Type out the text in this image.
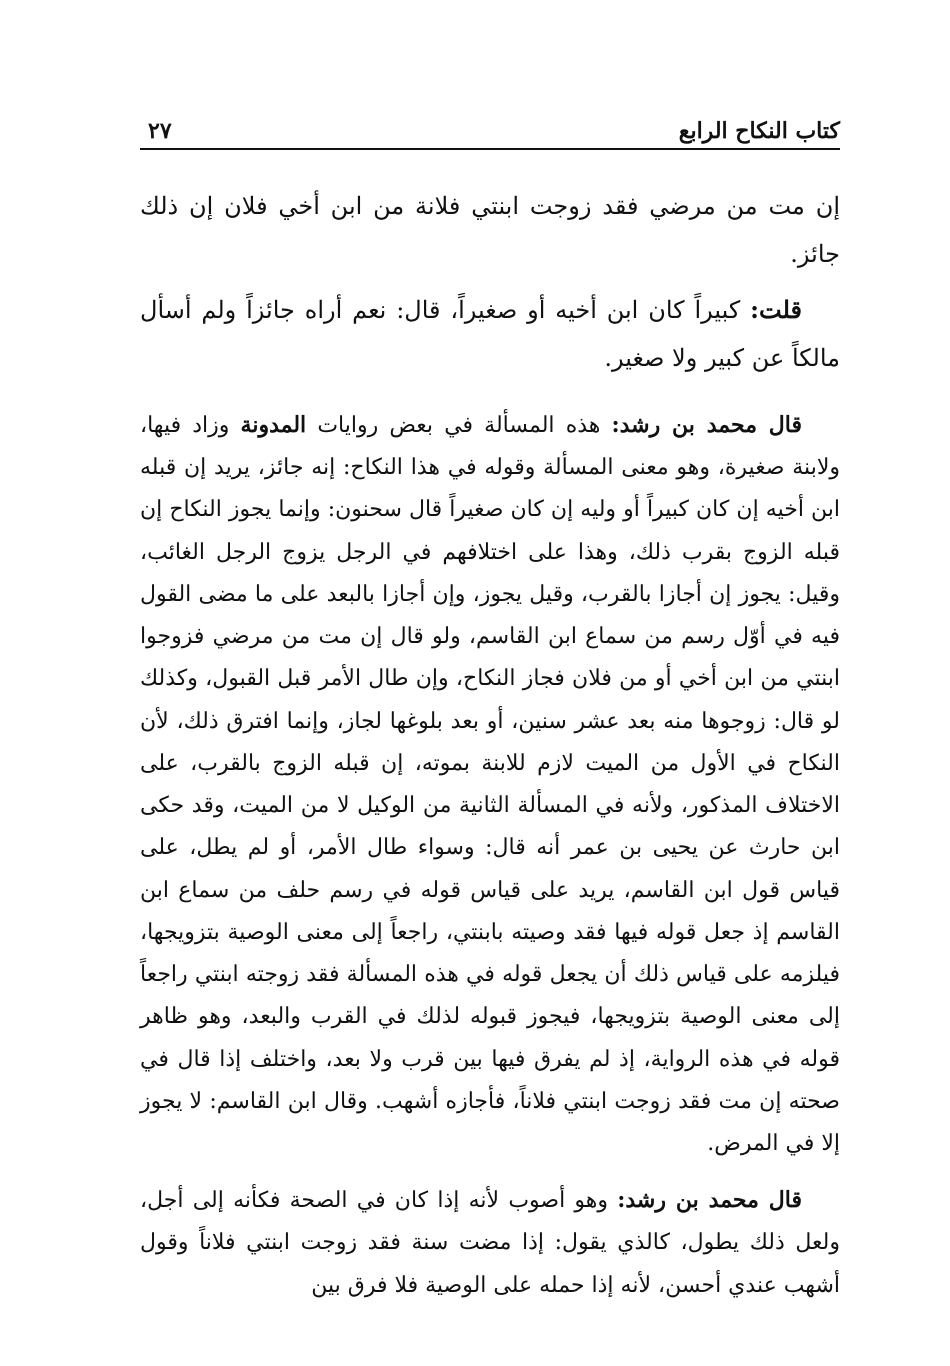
كتاب النكاح الرابع
٢٧

إن مت من مرضي فقد زوجت ابنتي فلانة من ابن أخي فلان إن ذلك جائز.

قلت: كبيراً كان ابن أخيه أو صغيراً، قال: نعم أراه جائزاً ولم أسأل مالكاً عن كبير ولا صغير.

قال محمد بن رشد: هذه المسألة في بعض روايات المدونة وزاد فيها، ولابنة صغيرة، وهو معنى المسألة وقوله في هذا النكاح: إنه جائز، يريد إن قبله ابن أخيه إن كان كبيراً أو وليه إن كان صغيراً قال سحنون: وإنما يجوز النكاح إن قبله الزوج بقرب ذلك، وهذا على اختلافهم في الرجل يزوج الرجل الغائب، وقيل: يجوز إن أجازا بالقرب، وقيل يجوز، وإن أجازا بالبعد على ما مضى القول فيه في أوّل رسم من سماع ابن القاسم، ولو قال إن مت من مرضي فزوجوا ابنتي من ابن أخي أو من فلان فجاز النكاح، وإن طال الأمر قبل القبول، وكذلك لو قال: زوجوها منه بعد عشر سنين، أو بعد بلوغها لجاز، وإنما افترق ذلك، لأن النكاح في الأول من الميت لازم للابنة بموته، إن قبله الزوج بالقرب، على الاختلاف المذكور، ولأنه في المسألة الثانية من الوكيل لا من الميت، وقد حكى ابن حارث عن يحيى بن عمر أنه قال: وسواء طال الأمر، أو لم يطل، على قياس قول ابن القاسم، يريد على قياس قوله في رسم حلف من سماع ابن القاسم إذ جعل قوله فيها فقد وصيته بابنتي، راجعاً إلى معنى الوصية بتزويجها، فيلزمه على قياس ذلك أن يجعل قوله في هذه المسألة فقد زوجته ابنتي راجعاً إلى معنى الوصية بتزويجها، فيجوز قبوله لذلك في القرب والبعد، وهو ظاهر قوله في هذه الرواية، إذ لم يفرق فيها بين قرب ولا بعد، واختلف إذا قال في صحته إن مت فقد زوجت ابنتي فلاناً، فأجازه أشهب. وقال ابن القاسم: لا يجوز إلا في المرض.

قال محمد بن رشد: وهو أصوب لأنه إذا كان في الصحة فكأنه إلى أجل، ولعل ذلك يطول، كالذي يقول: إذا مضت سنة فقد زوجت ابنتي فلاناً وقول أشهب عندي أحسن، لأنه إذا حمله على الوصية فلا فرق بين
